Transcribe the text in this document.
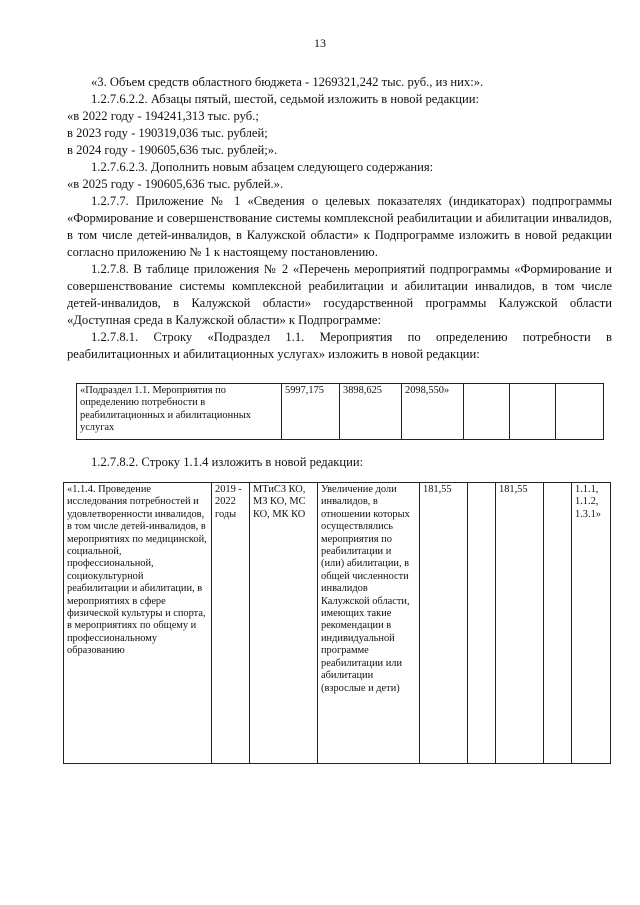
13

«3. Объем средств областного бюджета - 1269321,242 тыс. руб., из них:».

1.2.7.6.2.2. Абзацы пятый, шестой, седьмой изложить в новой редакции:

«в 2022 году - 194241,313 тыс. руб.;

в 2023 году - 190319,036 тыс. рублей;

в 2024 году - 190605,636 тыс. рублей;».

1.2.7.6.2.3. Дополнить новым абзацем следующего содержания:

«в 2025 году - 190605,636 тыс. рублей.».

1.2.7.7. Приложение № 1 «Сведения о целевых показателях (индикаторах) подпрограммы «Формирование и совершенствование системы комплексной реабилитации и абилитации инвалидов, в том числе детей-инвалидов, в Калужской области» к Подпрограмме изложить в новой редакции согласно приложению № 1 к настоящему постановлению.

1.2.7.8. В таблице приложения № 2 «Перечень мероприятий подпрограммы «Формирование и совершенствование системы комплексной реабилитации и абилитации инвалидов, в том числе детей-инвалидов, в Калужской области» государственной программы Калужской области «Доступная среда в Калужской области» к Подпрограмме:

1.2.7.8.1. Строку «Подраздел 1.1. Мероприятия по определению потребности в реабилитационных и абилитационных услугах» изложить в новой редакции:

«Подраздел 1.1. Мероприятия по определению потребности в реабилитационных и абилитационных услугах	5997,175	3898,625	2098,550»			
1.2.7.8.2. Строку 1.1.4 изложить в новой редакции:
«1.1.4. Проведение исследования потребностей и удовлетворенности инвалидов, в том числе детей-инвалидов, в мероприятиях по медицинской, социальной, профессиональной, социокультурной реабилитации и абилитации, в мероприятиях в сфере физической культуры и спорта, в мероприятиях по общему и профессиональному образованию	2019 - 2022 годы	МТиСЗ КО, МЗ КО, МС КО, МК КО	Увеличение доли инвалидов, в отношении которых осуществлялись мероприятия по реабилитации и (или) абилитации, в общей численности инвалидов Калужской области, имеющих такие рекомендации в индивидуальной программе реабилитации или абилитации (взрослые и дети)	181,55		181,55		1.1.1, 1.1.2, 1.3.1»
